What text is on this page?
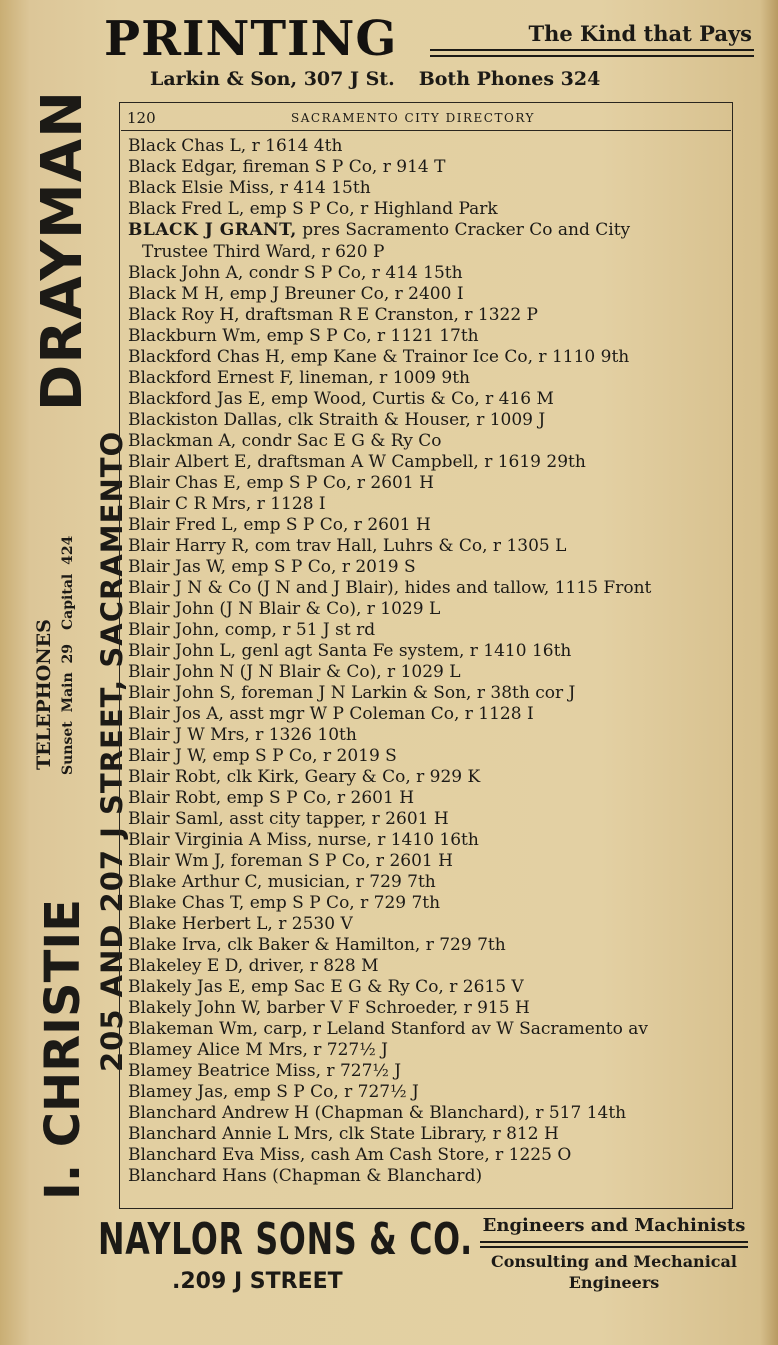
PRINTING	The Kind that Pays
Larkin & Son, 307 J St. Both Phones 324
I. CHRISTIE
DRAYMAN
205 AND 207 J STREET, SACRAMENTO
TELEPHONES Sunset Main 29Capital 424
120	SACRAMENTO CITY DIRECTORY
Black Chas L, r 1614 4th
Black Edgar, fireman S P Co, r 914 T
Black Elsie Miss, r 414 15th
Black Fred L, emp S P Co, r Highland Park
BLACK J GRANT, pres Sacramento Cracker Co and City
Trustee Third Ward, r 620 P
Black John A, condr S P Co, r 414 15th
Black M H, emp J Breuner Co, r 2400 I
Black Roy H, draftsman R E Cranston, r 1322 P
Blackburn Wm, emp S P Co, r 1121 17th
Blackford Chas H, emp Kane & Trainor Ice Co, r 1110 9th
Blackford Ernest F, lineman, r 1009 9th
Blackford Jas E, emp Wood, Curtis & Co, r 416 M
Blackiston Dallas, clk Straith & Houser, r 1009 J
Blackman A, condr Sac E G & Ry Co
Blair Albert E, draftsman A W Campbell, r 1619 29th
Blair Chas E, emp S P Co, r 2601 H
Blair C R Mrs, r 1128 I
Blair Fred L, emp S P Co, r 2601 H
Blair Harry R, com trav Hall, Luhrs & Co, r 1305 L
Blair Jas W, emp S P Co, r 2019 S
Blair J N & Co (J N and J Blair), hides and tallow, 1115 Front
Blair John (J N Blair & Co), r 1029 L
Blair John, comp, r 51 J st rd
Blair John L, genl agt Santa Fe system, r 1410 16th
Blair John N (J N Blair & Co), r 1029 L
Blair John S, foreman J N Larkin & Son, r 38th cor J
Blair Jos A, asst mgr W P Coleman Co, r 1128 I
Blair J W Mrs, r 1326 10th
Blair J W, emp S P Co, r 2019 S
Blair Robt, clk Kirk, Geary & Co, r 929 K
Blair Robt, emp S P Co, r 2601 H
Blair Saml, asst city tapper, r 2601 H
Blair Virginia A Miss, nurse, r 1410 16th
Blair Wm J, foreman S P Co, r 2601 H
Blake Arthur C, musician, r 729 7th
Blake Chas T, emp S P Co, r 729 7th
Blake Herbert L, r 2530 V
Blake Irva, clk Baker & Hamilton, r 729 7th
Blakeley E D, driver, r 828 M
Blakely Jas E, emp Sac E G & Ry Co, r 2615 V
Blakely John W, barber V F Schroeder, r 915 H
Blakeman Wm, carp, r Leland Stanford av W Sacramento av
Blamey Alice M Mrs, r 727½ J
Blamey Beatrice Miss, r 727½ J
Blamey Jas, emp S P Co, r 727½ J
Blanchard Andrew H (Chapman & Blanchard), r 517 14th
Blanchard Annie L Mrs, clk State Library, r 812 H
Blanchard Eva Miss, cash Am Cash Store, r 1225 O
Blanchard Hans (Chapman & Blanchard)
NAYLOR SONS & CO.
.209 J STREET
Engineers and Machinists
Consulting and Mechanical
Engineers
